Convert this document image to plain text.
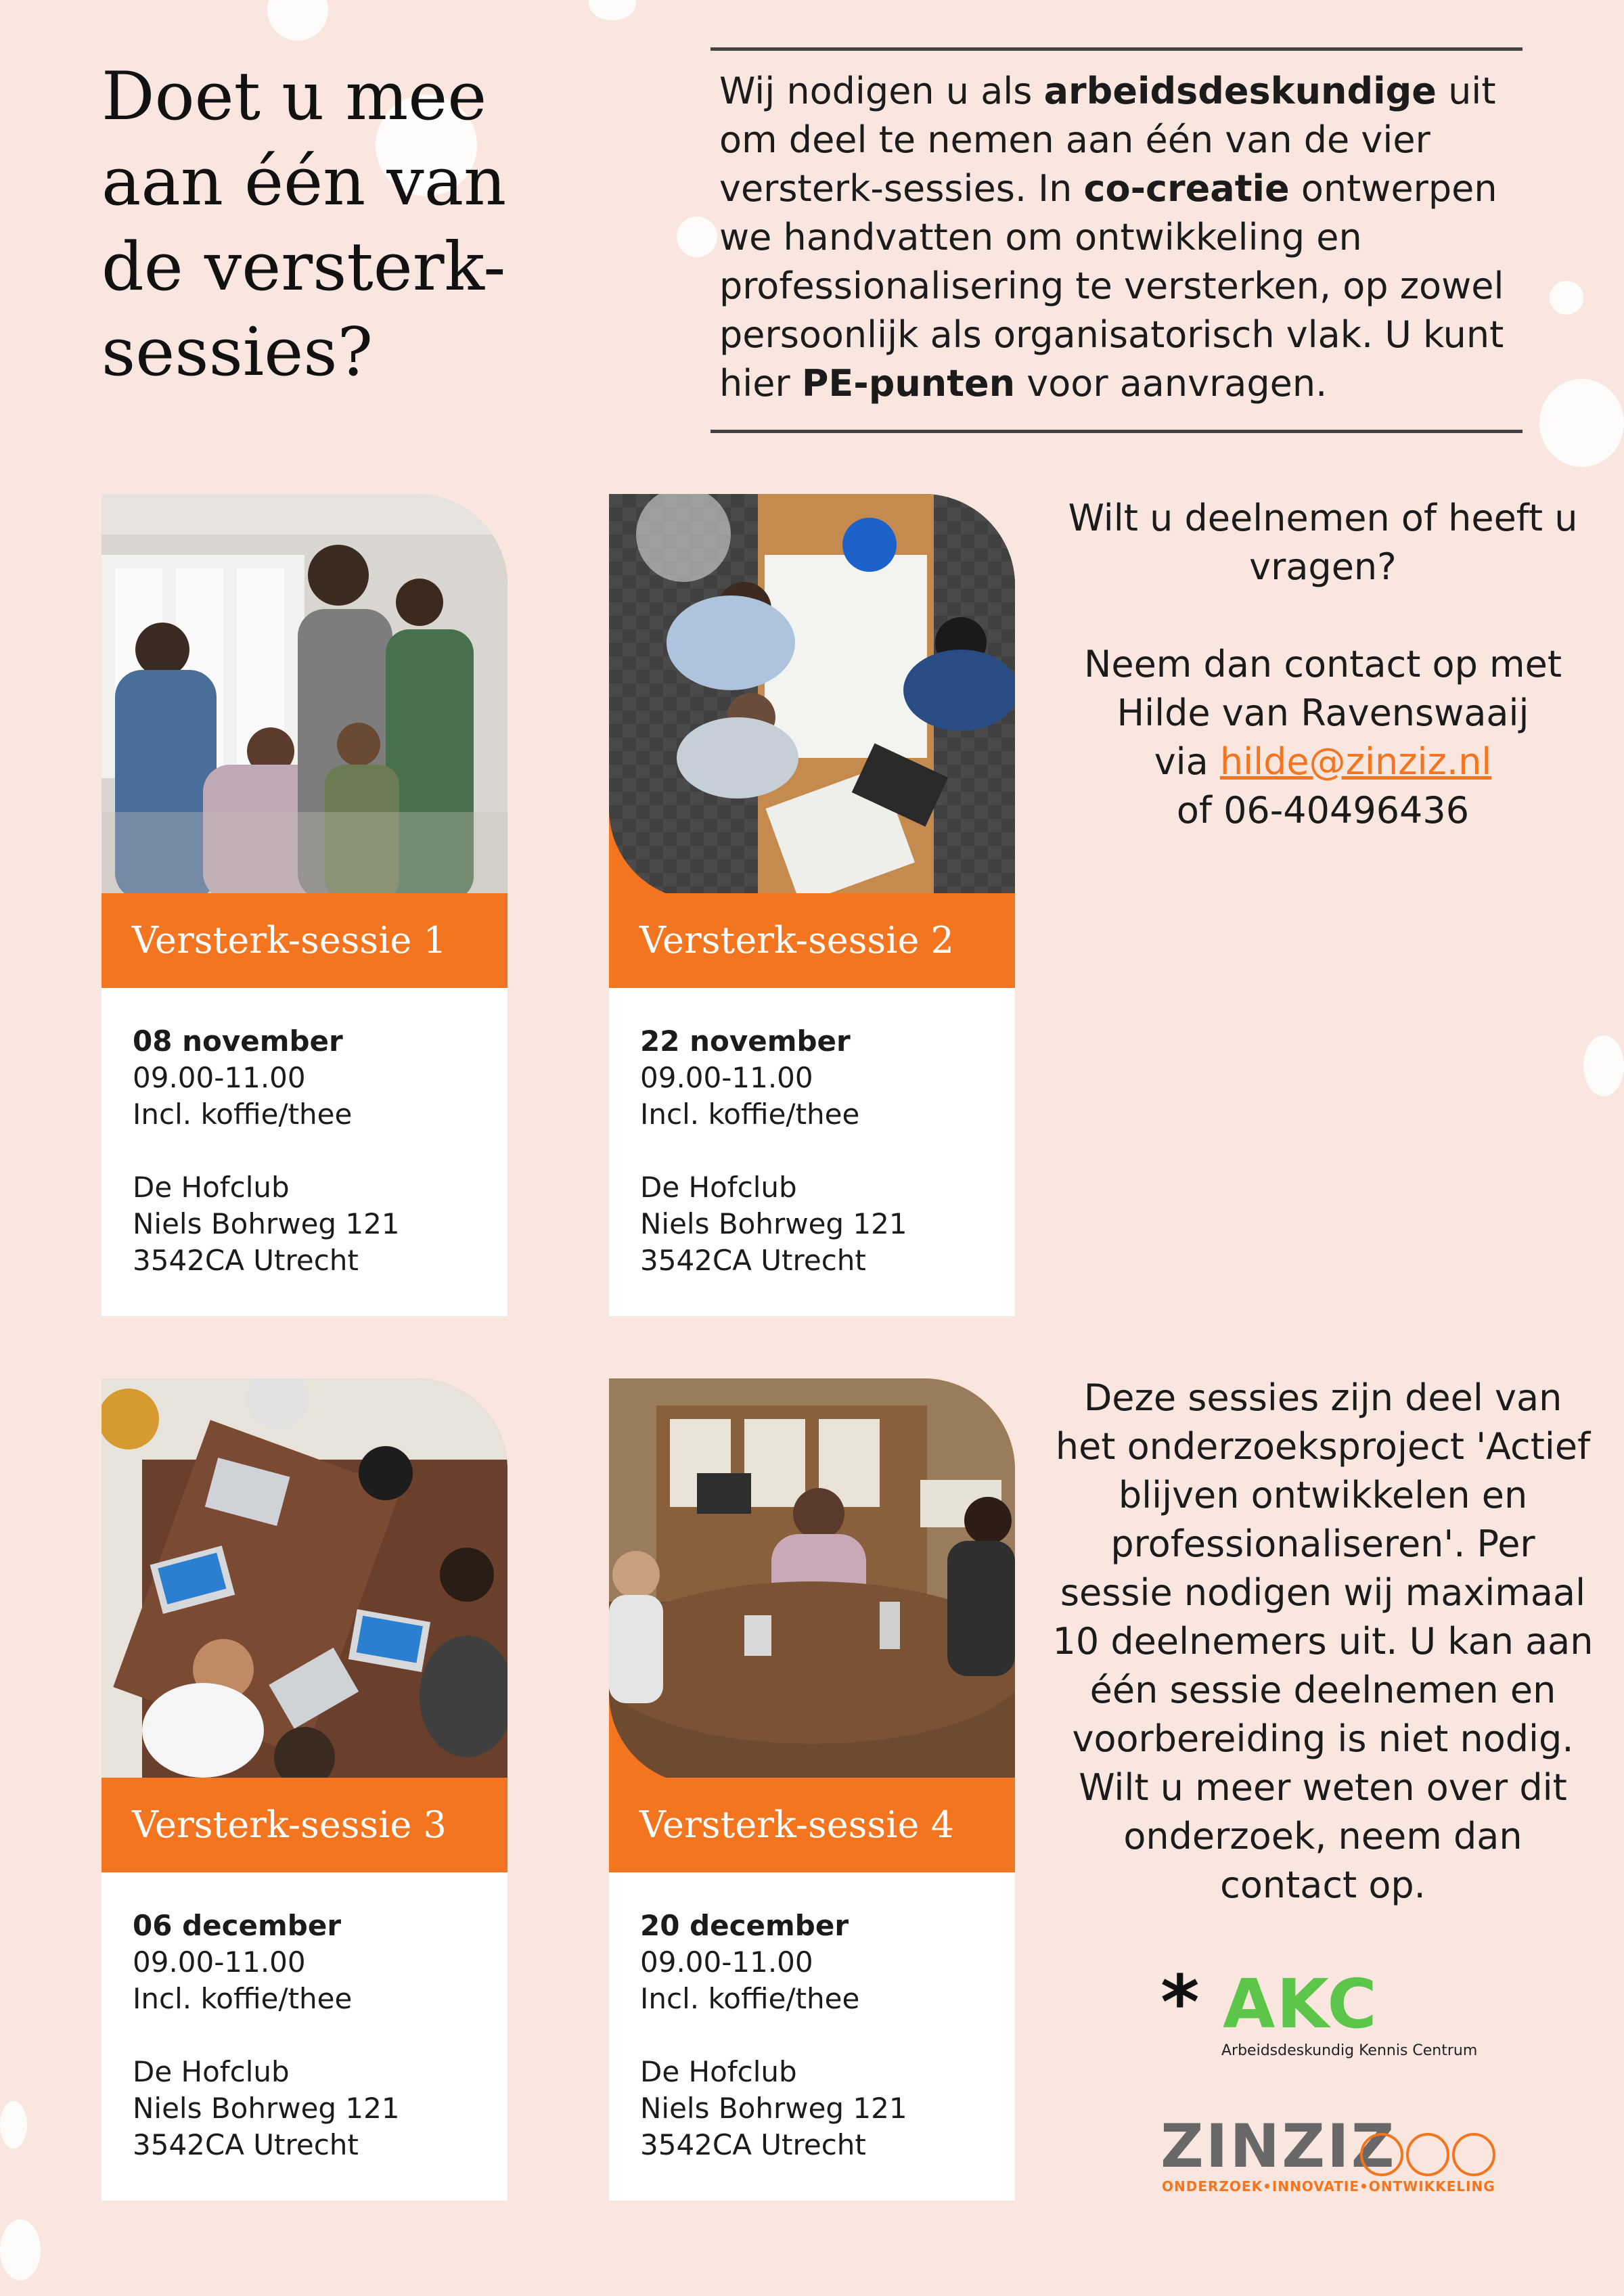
Doet u mee aan één van de versterk-sessies?

Wij nodigen u als arbeidsdeskundige uit om deel te nemen aan één van de vier versterk-sessies. In co-creatie ontwerpen we handvatten om ontwikkeling en professionalisering te versterken, op zowel persoonlijk als organisatorisch vlak. U kunt hier PE-punten voor aanvragen.

Versterk-sessie 1
08 november
09.00-11.00
Incl. koffie/thee
De Hofclub
Niels Bohrweg 121
3542CA Utrecht
Versterk-sessie 2
22 november
09.00-11.00
Incl. koffie/thee
De Hofclub
Niels Bohrweg 121
3542CA Utrecht
Versterk-sessie 3
06 december
09.00-11.00
Incl. koffie/thee
De Hofclub
Niels Bohrweg 121
3542CA Utrecht
Versterk-sessie 4
20 december
09.00-11.00
Incl. koffie/thee
De Hofclub
Niels Bohrweg 121
3542CA Utrecht
Wilt u deelnemen of heeft u
vragen?
Neem dan contact op met
Hilde van Ravenswaaij
via hilde@zinziz.nl
of 06-40496436

Deze sessies zijn deel van het onderzoeksproject 'Actief blijven ontwikkelen en professionaliseren'. Per sessie nodigen wij maximaal 10 deelnemers uit. U kan aan één sessie deelnemen en voorbereiding is niet nodig. Wilt u meer weten over dit onderzoek, neem dan contact op.

* AKC
Arbeidsdeskundig Kennis Centrum
ZINZIZ
ONDERZOEK•INNOVATIE•ONTWIKKELING
